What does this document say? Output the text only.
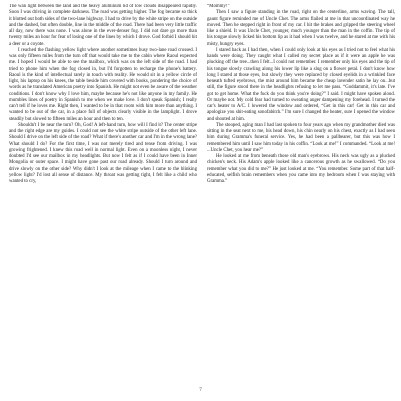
The wan light between the land and the heavy aluminum lid of low clouds disappeared rapidly. Soon I was driving in complete darkness. The road was getting higher. The fog became so thick it blotted out both sides of the two-lane highway. I had to drive by the white stripe on the outside and the dashed, but often double, line in the middle of the road. There had been very little traffic all day, now there was none. I was alone in the ever-denser fog. I did not dare go more than twenty miles an hour for fear of losing one of the lines by which I drove. God forbid I should hit a deer or a coyote.

I reached the flashing yellow light where another sometimes busy two-lane road crossed. I was only fifteen miles from the turn off that would take me to the cabin where Raoul expected me. I hoped I would be able to see the mailbox, which was on the left side of the road. I had tried to phone him when the fog closed in, but I'd forgotten to recharge the phone's battery. Raoul is the kind of intellectual rarely in touch with reality. He would sit in a yellow circle of light, his laptop on his knees, the table beside him covered with books, pondering the choice of words as he translated American poetry into Spanish. He might not even be aware of the weather conditions. I don't know why I love him, maybe because he's not like anyone in my family. He mumbles lines of poetry in Spanish to me when we make love. I don't speak Spanish; I really can't tell if he loves me. Right then, I wanted to be in that room with him more than anything. I wanted to be out of the car, in a place full of objects clearly visible in the lamplight. I drove steadily but slowed to fifteen miles an hour and then to ten.

Shouldn't I be near the turn? Oh, God! A left-hand turn, how will I find it? The center stripe and the right edge are my guides. I could not see the white stripe outside of the other left lane. Should I drive on the left side of the road? What if there's another car and I'm in the wrong lane? What should I do? For the first time, I was not merely tired and tense from driving. I was growing frightened. I knew this road well in normal light. Even on a moonless night, I never doubted I'd see our mailbox in my headlights. But now I felt as if I could have been in Inner Mongolia or outer space. I might have gone past our road already. Should I turn around and drive slowly on the other side? Why didn't I look at the mileage when I came to the blinking yellow light? I'd lost all sense of distance. My throat was getting tight, I felt like a child who wanted to cry,

“Mommy!”

Then I saw a figure standing in the road, right on the centerline, arms waving. The tall, gaunt figure reminded me of Uncle Chet. The arms flailed at me in that uncoordinated way he moved. Then he stepped right in front of my car. I hit the brakes and gripped the steering wheel like a shield. It was Uncle Chet, younger, much younger than the man in the coffin. The tip of his tongue slowly licked his bottom lip as it had when I was twelve, and he stared at me with his misty, hungry eyes.

I stared back as I had then, when I could only look at his eyes as I tried not to feel what his hands were doing. They caught what I called my secret place as if it were an apple he was plucking off the tree...then I felt...I could not remember. I remember only his eyes and the tip of his tongue slowly crawling along his lower lip like a slug on a flower petal. I don't know how long I stared at those eyes, but slowly they were replaced by closed eyelids in a wrinkled face beneath tufted eyebrows, the mist around him became the cheap lavender satin he lay on...but still, the figure stood there in the headlights refusing to let me pass. “Goddammit, it's late. I've got to get home. What the fuck do you think you're doing?” I said. I might have spoken aloud. Or maybe not. My cold fear had turned to sweating anger dampening my forehead. I turned the car's heater to A/C. I lowered the window and ordered, “Get in this car! Get in this car and apologize you shit-eating sonofabitch.” I'm sure I changed the heater, sure I opened the window and shouted at him.

The stooped, aging man I had last spoken to four years ago when my grandmother died was sitting in the seat next to me, his head down, his chin nearly on his chest, exactly as I had seen him during Gramma's funeral service. Yes, he had been a pallbearer, but this was how I remembered him until I saw him today in his coffin. “Look at me!” I commanded. “Look at me! ...Uncle Chet, you hear me?”

He looked at me from beneath those old man's eyebrows. His neck was ugly as a plucked chicken's neck. His Adam's apple looked like a cancerous growth as he swallowed. “Do you remember what you did to me?” He just looked at me. “You remember. Some part of that half-educated, selfish brain remembers when you came into my bedroom when I was staying with Gramma.”

7
